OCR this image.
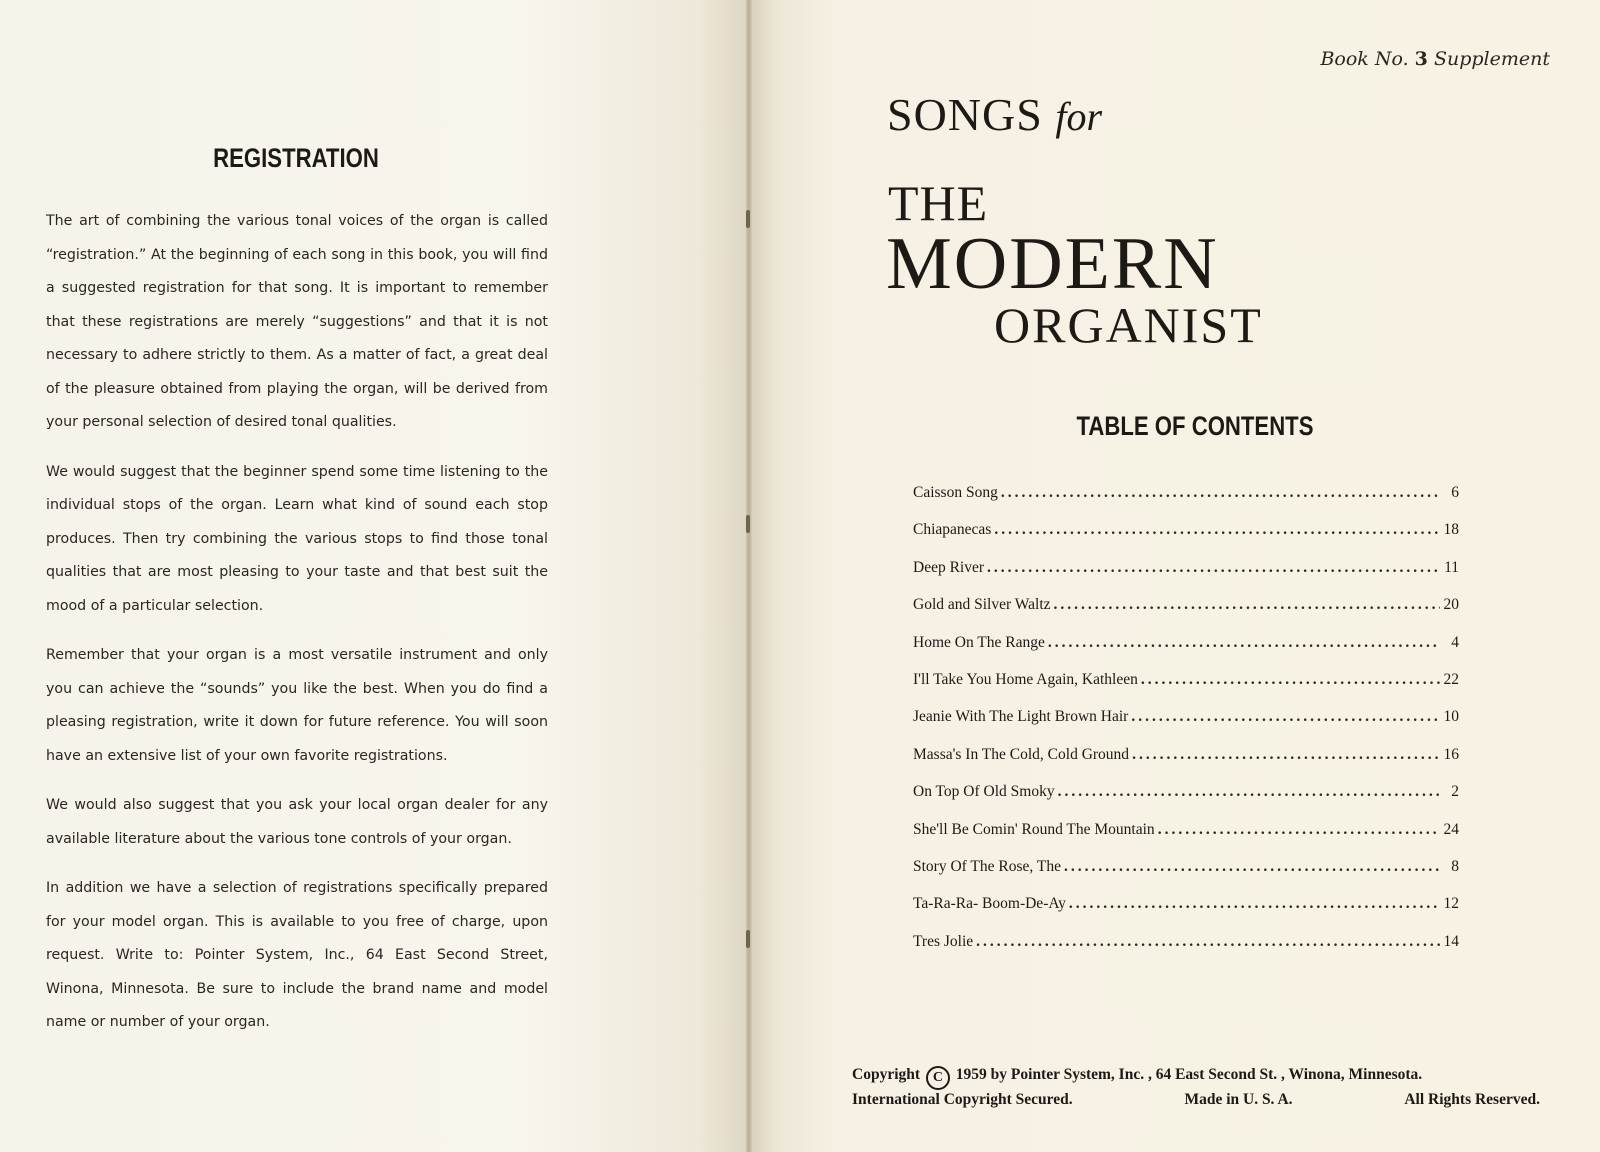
REGISTRATION

The art of combining the various tonal voices of the organ is called “registration.” At the beginning of each song in this book, you will find a suggested registration for that song. It is important to remember that these registrations are merely “suggestions” and that it is not necessary to adhere strictly to them. As a matter of fact, a great deal of the pleasure obtained from playing the organ, will be derived from your personal selection of desired tonal qualities.

We would suggest that the beginner spend some time listening to the individual stops of the organ. Learn what kind of sound each stop produces. Then try combining the various stops to find those tonal qualities that are most pleasing to your taste and that best suit the mood of a particular selection.

Remember that your organ is a most versatile instrument and only you can achieve the “sounds” you like the best. When you do find a pleasing registration, write it down for future reference. You will soon have an extensive list of your own favorite registrations.

We would also suggest that you ask your local organ dealer for any available literature about the various tone controls of your organ.

In addition we have a selection of registrations specifically prepared for your model organ. This is available to you free of charge, upon request. Write to: Pointer System, Inc., 64 East Second Street, Winona, Minnesota. Be sure to include the brand name and model name or number of your organ.

Book No. 3 Supplement
SONGS for
THE
MODERN
ORGANIST
TABLE OF CONTENTS
Caisson Song .....	6
Chiapanecas .....	18
Deep River .....	11
Gold and Silver Waltz .....	20
Home On The Range .....	4
I'll Take You Home Again, Kathleen .....	22
Jeanie With The Light Brown Hair .....	10
Massa's In The Cold, Cold Ground .....	16
On Top Of Old Smoky .....	2
She'll Be Comin' Round The Mountain .....	24
Story Of The Rose, The .....	8
Ta-Ra-Ra- Boom-De-Ay .....	12
Tres Jolie .....	14
Copyright C 1959 by Pointer System, Inc. , 64 East Second St. , Winona, Minnesota.
International Copyright Secured.	Made in U. S. A.	All Rights Reserved.
